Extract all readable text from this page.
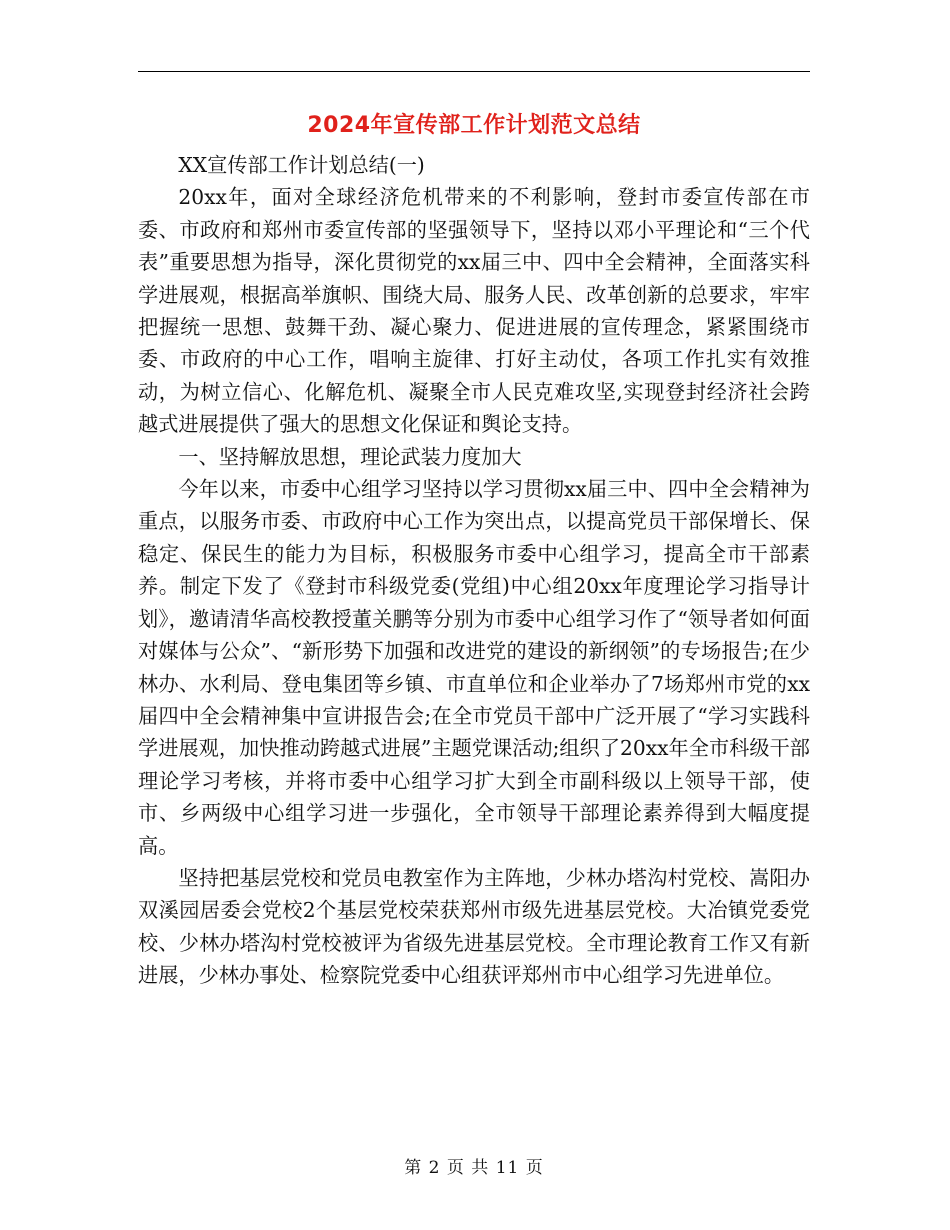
2024年宣传部工作计划范文总结

XX宣传部工作计划总结(一)

20xx年，面对全球经济危机带来的不利影响，登封市委宣传部在市委、市政府和郑州市委宣传部的坚强领导下，坚持以邓小平理论和“三个代表”重要思想为指导，深化贯彻党的xx届三中、四中全会精神，全面落实科学进展观，根据高举旗帜、围绕大局、服务人民、改革创新的总要求，牢牢把握统一思想、鼓舞干劲、凝心聚力、促进进展的宣传理念，紧紧围绕市委、市政府的中心工作，唱响主旋律、打好主动仗，各项工作扎实有效推动，为树立信心、化解危机、凝聚全市人民克难攻坚,实现登封经济社会跨越式进展提供了强大的思想文化保证和舆论支持。

一、坚持解放思想，理论武装力度加大

今年以来，市委中心组学习坚持以学习贯彻xx届三中、四中全会精神为重点，以服务市委、市政府中心工作为突出点，以提高党员干部保增长、保稳定、保民生的能力为目标，积极服务市委中心组学习，提高全市干部素养。制定下发了《登封市科级党委(党组)中心组20xx年度理论学习指导计划》，邀请清华高校教授董关鹏等分别为市委中心组学习作了“领导者如何面对媒体与公众”、“新形势下加强和改进党的建设的新纲领”的专场报告;在少林办、水利局、登电集团等乡镇、市直单位和企业举办了7场郑州市党的xx届四中全会精神集中宣讲报告会;在全市党员干部中广泛开展了“学习实践科学进展观，加快推动跨越式进展”主题党课活动;组织了20xx年全市科级干部理论学习考核，并将市委中心组学习扩大到全市副科级以上领导干部，使市、乡两级中心组学习进一步强化，全市领导干部理论素养得到大幅度提高。

坚持把基层党校和党员电教室作为主阵地，少林办塔沟村党校、嵩阳办双溪园居委会党校2个基层党校荣获郑州市级先进基层党校。大冶镇党委党校、少林办塔沟村党校被评为省级先进基层党校。全市理论教育工作又有新进展，少林办事处、检察院党委中心组获评郑州市中心组学习先进单位。

第 2 页 共 11 页
